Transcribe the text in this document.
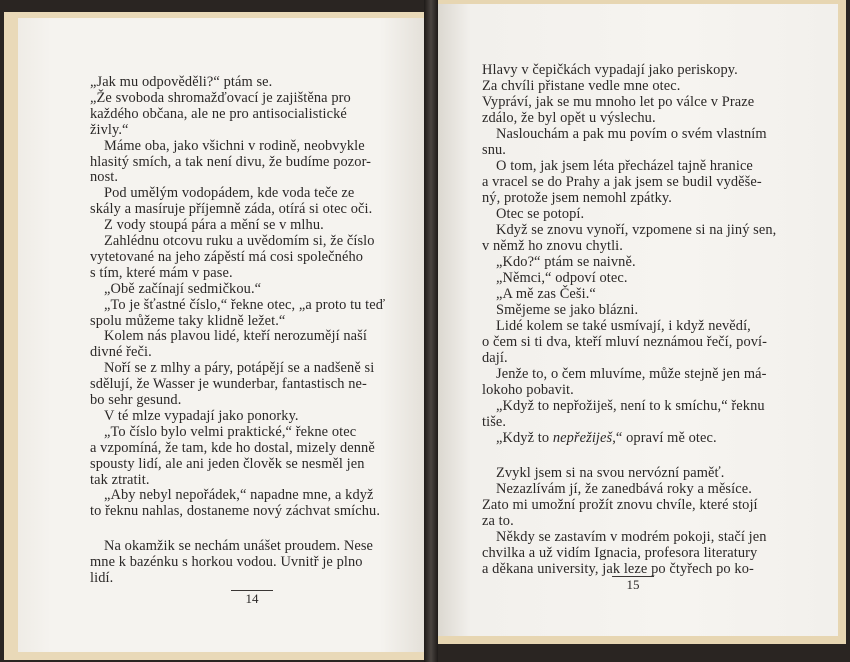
„Jak mu odpověděli?“ ptám se.
„Že svoboda shromažďovací je zajištěna pro
každého občana, ale ne pro antisocialistické
živly.“
Máme oba, jako všichni v rodině, neobvykle
hlasitý smích, a tak není divu, že budíme pozor-
nost.
Pod umělým vodopádem, kde voda teče ze
skály a masíruje příjemně záda, otírá si otec oči.
Z vody stoupá pára a mění se v mlhu.
Zahlédnu otcovu ruku a uvědomím si, že číslo
vytetované na jeho zápěstí má cosi společného
s tím, které mám v pase.
„Obě začínají sedmičkou.“
„To je šťastné číslo,“ řekne otec, „a proto tu teď
spolu můžeme taky klidně ležet.“
Kolem nás plavou lidé, kteří nerozumějí naší
divné řeči.
Noří se z mlhy a páry, potápějí se a nadšeně si
sdělují, že Wasser je wunderbar, fantastisch ne-
bo sehr gesund.
V té mlze vypadají jako ponorky.
„To číslo bylo velmi praktické,“ řekne otec
a vzpomíná, že tam, kde ho dostal, mizely denně
spousty lidí, ale ani jeden člověk se nesměl jen
tak ztratit.
„Aby nebyl nepořádek,“ napadne mne, a když
to řeknu nahlas, dostaneme nový záchvat smíchu.
Na okamžik se nechám unášet proudem. Nese
mne k bazénku s horkou vodou. Uvnitř je plno
lidí.
14
Hlavy v čepičkách vypadají jako periskopy.
Za chvíli přistane vedle mne otec.
Vypráví, jak se mu mnoho let po válce v Praze
zdálo, že byl opět u výslechu.
Naslouchám a pak mu povím o svém vlastním
snu.
O tom, jak jsem léta přecházel tajně hranice
a vracel se do Prahy a jak jsem se budil vyděše-
ný, protože jsem nemohl zpátky.
Otec se potopí.
Když se znovu vynoří, vzpomene si na jiný sen,
v němž ho znovu chytli.
„Kdo?“ ptám se naivně.
„Němci,“ odpoví otec.
„A mě zas Češi.“
Smějeme se jako blázni.
Lidé kolem se také usmívají, i když nevědí,
o čem si ti dva, kteří mluví neznámou řečí, poví-
dají.
Jenže to, o čem mluvíme, může stejně jen má-
lokoho pobavit.
„Když to nepřožiješ, není to k smíchu,“ řeknu
tiše.
„Když to nepřežiješ,“ opraví mě otec.
Zvykl jsem si na svou nervózní paměť.
Nezazlívám jí, že zanedbává roky a měsíce.
Zato mi umožní prožít znovu chvíle, které stojí
za to.
Někdy se zastavím v modrém pokoji, stačí jen
chvilka a už vidím Ignacia, profesora literatury
a děkana university, jak leze po čtyřech po ko-
15
